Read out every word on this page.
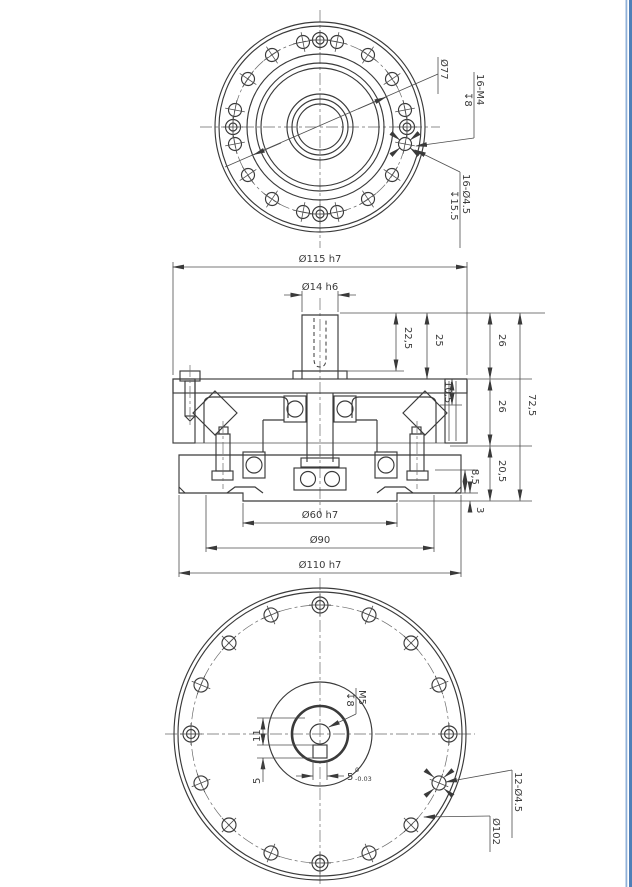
Ø77
16-M4
↧8
16-Ø4.5
↧15.5
Ø115 h7
Ø14 h6
22,5 25	26
10,5
26 72,5
20,5
8,5
3
Ø60 h7
Ø90
Ø110 h7
M5
↧8
11
5	5
0
-0.03
Ø102
12-Ø4.5
